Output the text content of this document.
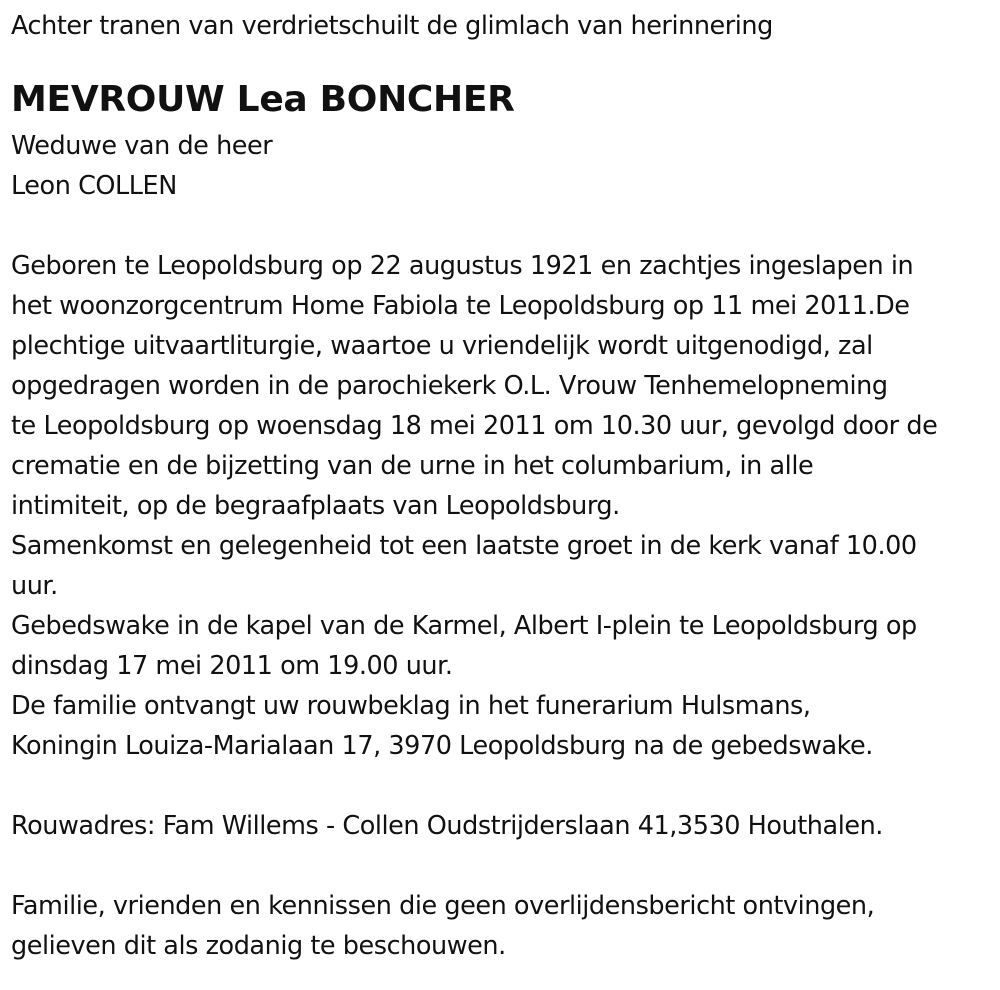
Achter tranen van verdrietschuilt de glimlach van herinnering
MEVROUW Lea BONCHER
Weduwe van de heer
Leon COLLEN
Geboren te Leopoldsburg op 22 augustus 1921 en zachtjes ingeslapen in
het woonzorgcentrum Home Fabiola te Leopoldsburg op 11 mei 2011.De
plechtige uitvaartliturgie, waartoe u vriendelijk wordt uitgenodigd, zal
opgedragen worden in de parochiekerk O.L. Vrouw Tenhemelopneming
te Leopoldsburg op woensdag 18 mei 2011 om 10.30 uur, gevolgd door de
crematie en de bijzetting van de urne in het columbarium, in alle
intimiteit, op de begraafplaats van Leopoldsburg.
Samenkomst en gelegenheid tot een laatste groet in de kerk vanaf 10.00
uur.
Gebedswake in de kapel van de Karmel, Albert I-plein te Leopoldsburg op
dinsdag 17 mei 2011 om 19.00 uur.
De familie ontvangt uw rouwbeklag in het funerarium Hulsmans,
Koningin Louiza-Marialaan 17, 3970 Leopoldsburg na de gebedswake.
Rouwadres: Fam Willems - Collen Oudstrijderslaan 41,3530 Houthalen.
Familie, vrienden en kennissen die geen overlijdensbericht ontvingen,
gelieven dit als zodanig te beschouwen.
